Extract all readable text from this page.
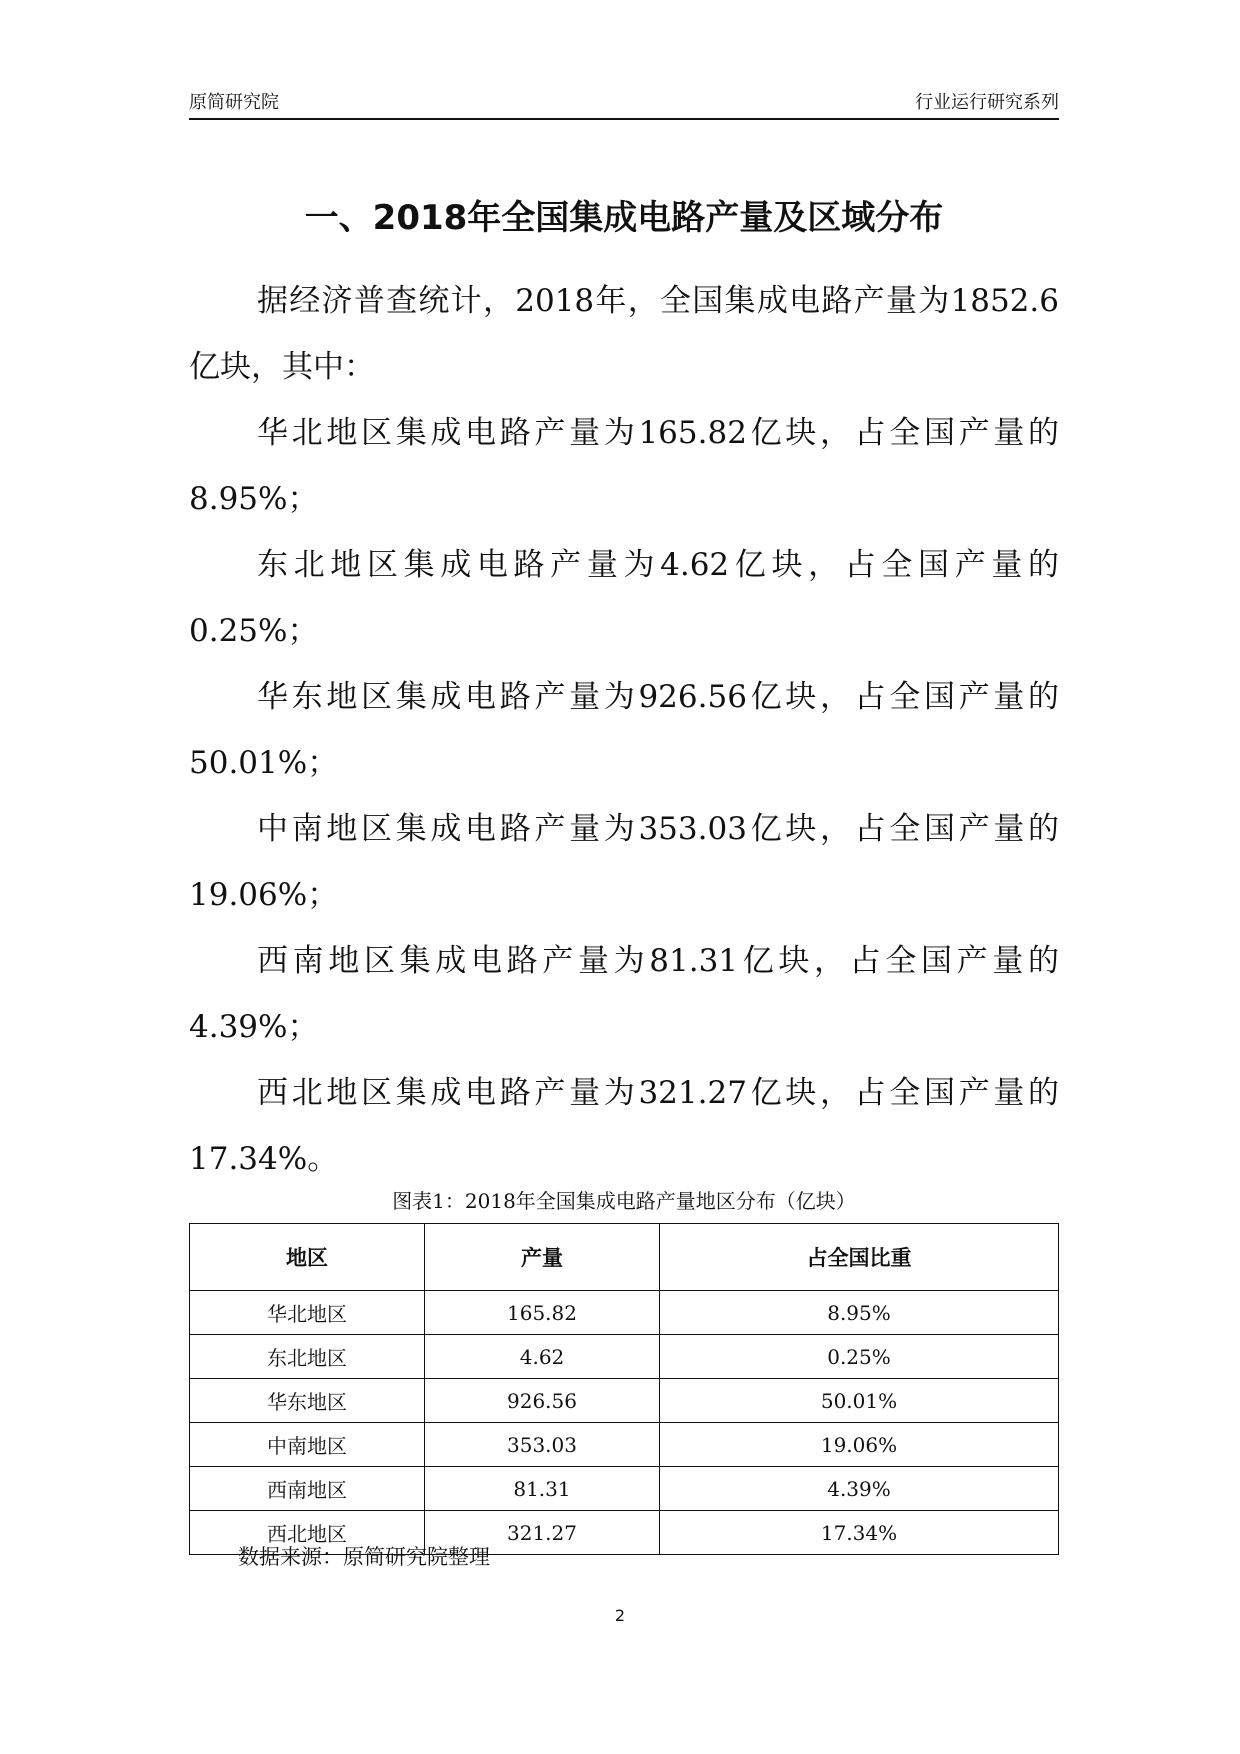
原简研究院	行业运行研究系列
一、2018年全国集成电路产量及区域分布

据经济普查统计，2018年，全国集成电路产量为1852.6亿块，其中：

华北地区集成电路产量为165.82亿块，占全国产量的8.95%；

东北地区集成电路产量为4.62亿块，占全国产量的0.25%；

华东地区集成电路产量为926.56亿块，占全国产量的50.01%；

中南地区集成电路产量为353.03亿块，占全国产量的19.06%；

西南地区集成电路产量为81.31亿块，占全国产量的4.39%；

西北地区集成电路产量为321.27亿块，占全国产量的17.34%。

图表1：2018年全国集成电路产量地区分布（亿块）
地区	产量	占全国比重
华北地区	165.82	8.95%
东北地区	4.62	0.25%
华东地区	926.56	50.01%
中南地区	353.03	19.06%
西南地区	81.31	4.39%
西北地区	321.27	17.34%
数据来源：原简研究院整理
2
